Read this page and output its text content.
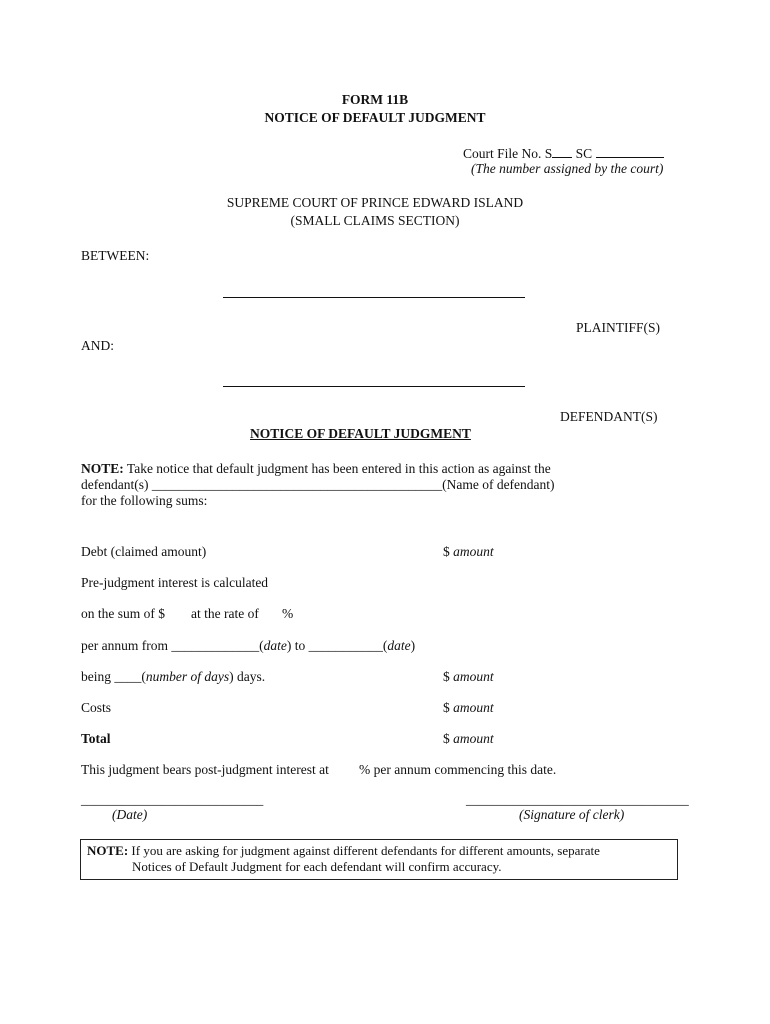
FORM 11B
NOTICE OF DEFAULT JUDGMENT
Court File No. S SC
(The number assigned by the court)
SUPREME COURT OF PRINCE EDWARD ISLAND
(SMALL CLAIMS SECTION)
BETWEEN:
PLAINTIFF(S)
AND:
DEFENDANT(S)
NOTICE OF DEFAULT JUDGMENT
NOTE: Take notice that default judgment has been entered in this action as against the
defendant(s) ___________________________________________(Name of defendant)
for the following sums:
Debt (claimed amount)	$ amount
Pre-judgment interest is calculated
on the sum of $ at the rate of %
per annum from _____________(date) to ___________(date)
being ____(number of days) days.	$ amount
Costs	$ amount
Total	$ amount
This judgment bears post-judgment interest at % per annum commencing this date.
___________________________
(Date)
_________________________________
(Signature of clerk)
NOTE: If you are asking for judgment against different defendants for different amounts, separate
Notices of Default Judgment for each defendant will confirm accuracy.
